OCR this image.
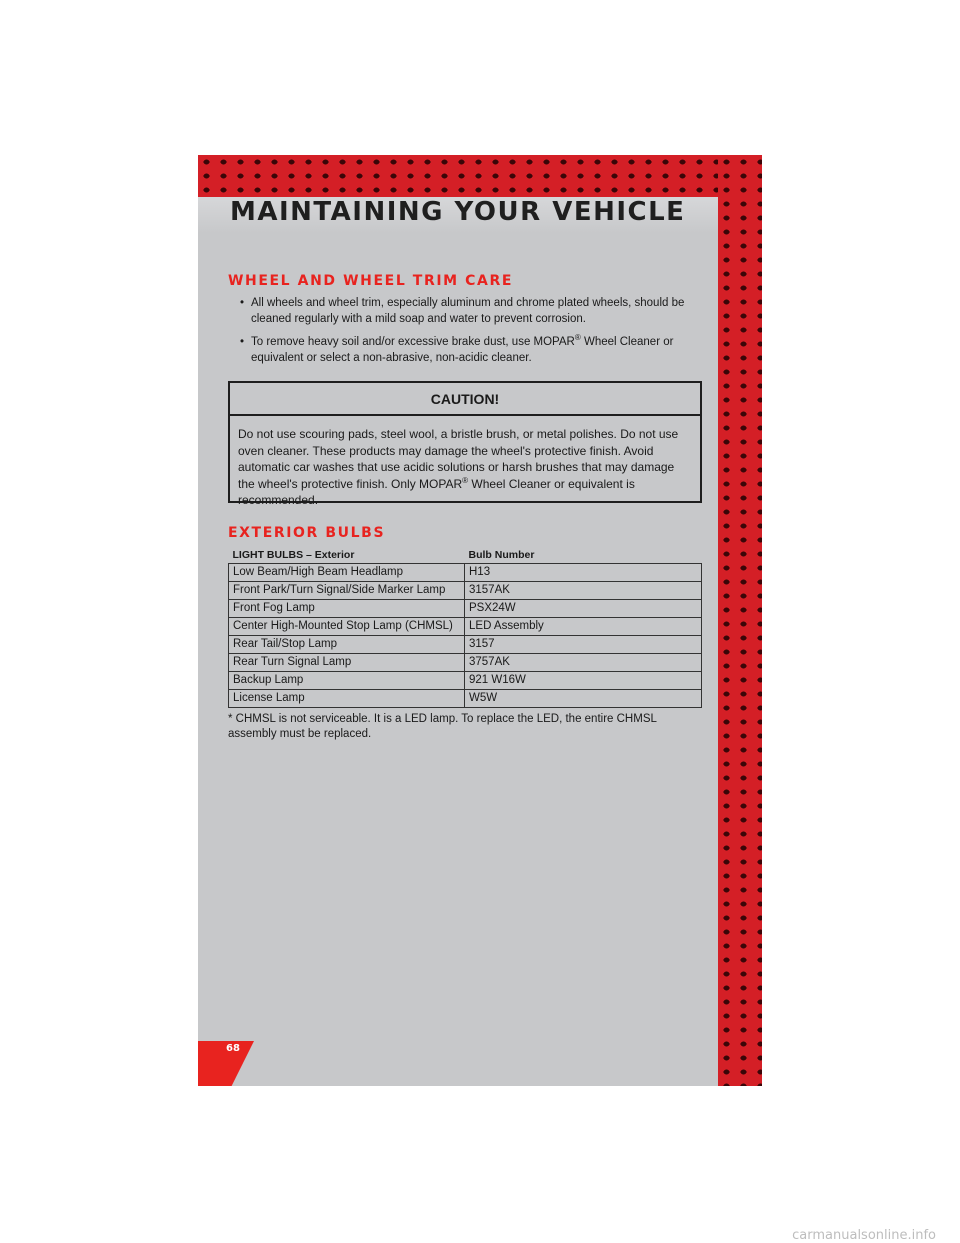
MAINTAINING YOUR VEHICLE
WHEEL AND WHEEL TRIM CARE
• All wheels and wheel trim, especially aluminum and chrome plated wheels, should be cleaned regularly with a mild soap and water to prevent corrosion.
• To remove heavy soil and/or excessive brake dust, use MOPAR® Wheel Cleaner or equivalent or select a non-abrasive, non-acidic cleaner.

CAUTION!

Do not use scouring pads, steel wool, a bristle brush, or metal polishes. Do not use oven cleaner. These products may damage the wheel's protective finish. Avoid automatic car washes that use acidic solutions or harsh brushes that may damage the wheel's protective finish. Only MOPAR® Wheel Cleaner or equivalent is recommended.

EXTERIOR BULBS
LIGHT BULBS – Exterior	Bulb Number
Low Beam/High Beam Headlamp	H13
Front Park/Turn Signal/Side Marker Lamp	3157AK
Front Fog Lamp	PSX24W
Center High-Mounted Stop Lamp (CHMSL)	LED Assembly
Rear Tail/Stop Lamp	3157
Rear Turn Signal Lamp	3757AK
Backup Lamp	921 W16W
License Lamp	W5W

* CHMSL is not serviceable. It is a LED lamp. To replace the LED, the entire CHMSL assembly must be replaced.

68

carmanualsonline.info
